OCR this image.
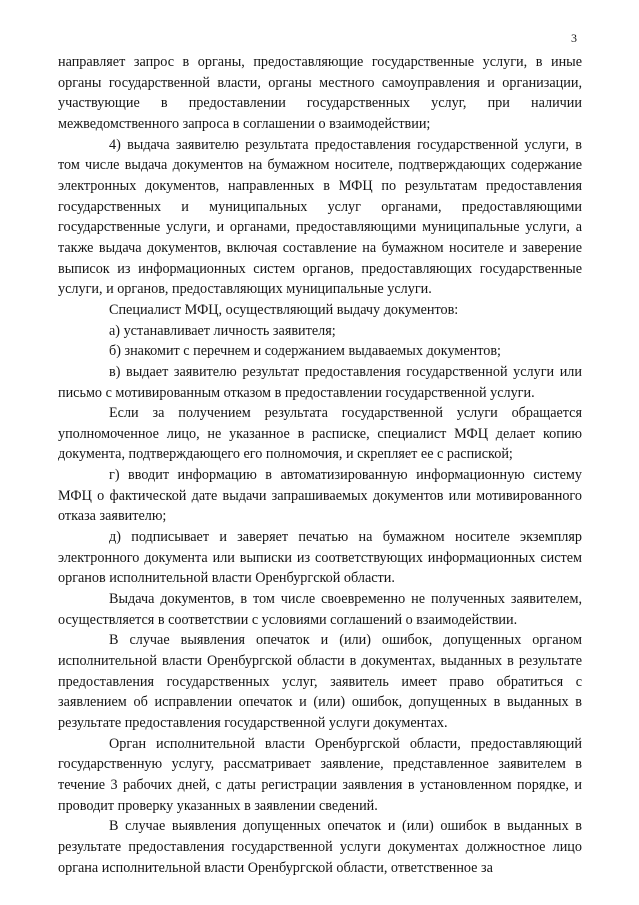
3

направляет запрос в органы, предоставляющие государственные услуги, в иные органы государственной власти, органы местного самоуправления и организации, участвующие в предоставлении государственных услуг, при наличии межведомственного запроса в соглашении о взаимодействии;

4) выдача заявителю результата предоставления государственной услуги, в том числе выдача документов на бумажном носителе, подтверждающих содержание электронных документов, направленных в МФЦ по результатам предоставления государственных и муниципальных услуг органами, предоставляющими государственные услуги, и органами, предоставляющими муниципальные услуги, а также выдача документов, включая составление на бумажном носителе и заверение выписок из информационных систем органов, предоставляющих государственные услуги, и органов, предоставляющих муниципальные услуги.

Специалист МФЦ, осуществляющий выдачу документов:

а) устанавливает личность заявителя;

б) знакомит с перечнем и содержанием выдаваемых документов;

в) выдает заявителю результат предоставления государственной услуги или письмо с мотивированным отказом в предоставлении государственной услуги.

Если за получением результата государственной услуги обращается уполномоченное лицо, не указанное в расписке, специалист МФЦ делает копию документа, подтверждающего его полномочия, и скрепляет ее с распиской;

г) вводит информацию в автоматизированную информационную систему МФЦ о фактической дате выдачи запрашиваемых документов или мотивированного отказа заявителю;

д) подписывает и заверяет печатью на бумажном носителе экземпляр электронного документа или выписки из соответствующих информационных систем органов исполнительной власти Оренбургской области.

Выдача документов, в том числе своевременно не полученных заявителем, осуществляется в соответствии с условиями соглашений о взаимодействии.

В случае выявления опечаток и (или) ошибок, допущенных органом исполнительной власти Оренбургской области в документах, выданных в результате предоставления государственных услуг, заявитель имеет право обратиться с заявлением об исправлении опечаток и (или) ошибок, допущенных в выданных в результате предоставления государственной услуги документах.

Орган исполнительной власти Оренбургской области, предоставляющий государственную услугу, рассматривает заявление, представленное заявителем в течение 3 рабочих дней, с даты регистрации заявления в установленном порядке, и проводит проверку указанных в заявлении сведений.

В случае выявления допущенных опечаток и (или) ошибок в выданных в результате предоставления государственной услуги документах должностное лицо органа исполнительной власти Оренбургской области, ответственное за
